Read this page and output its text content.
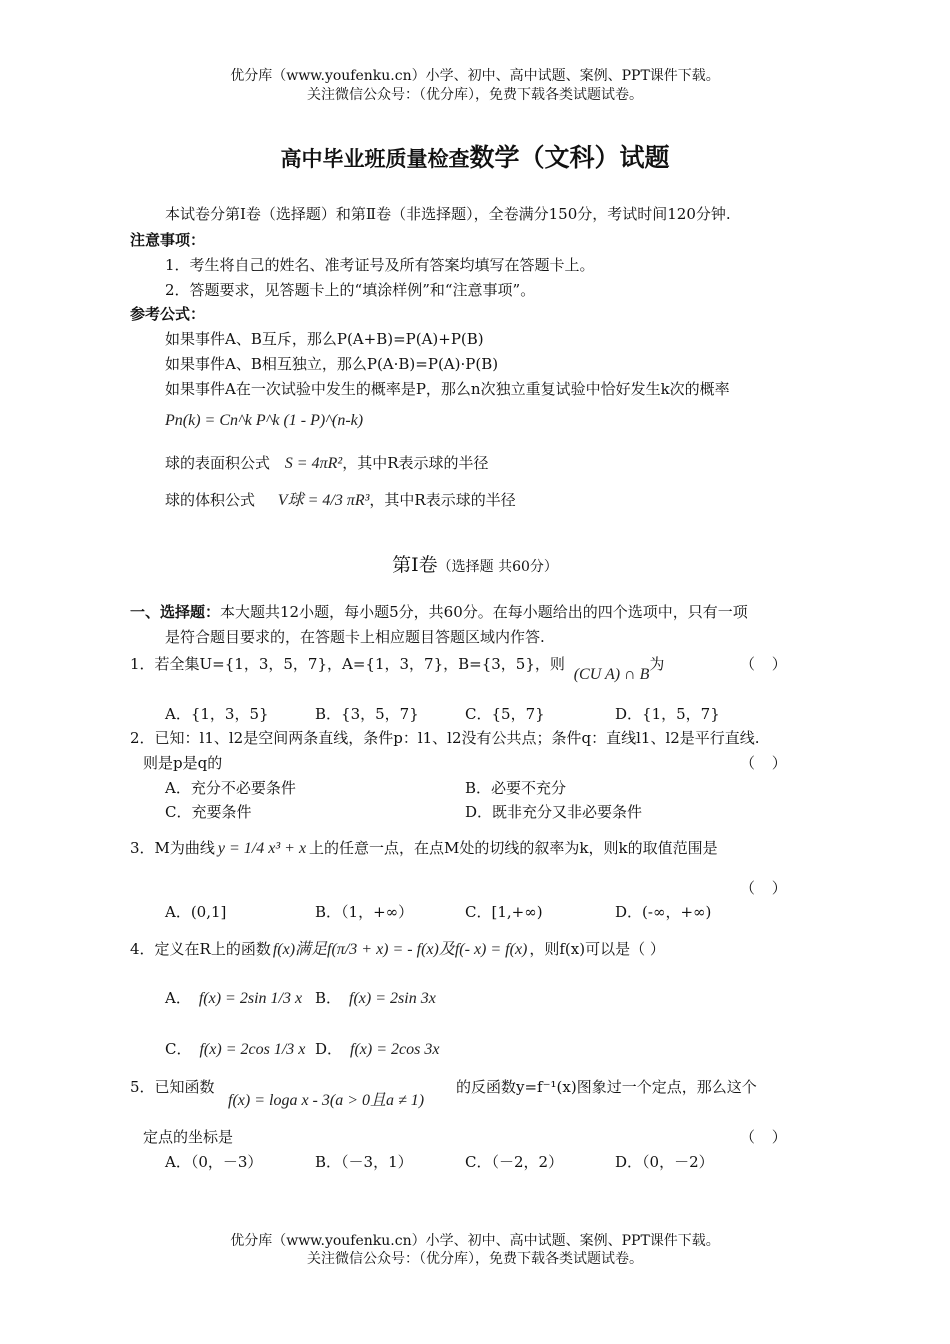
优分库（www.youfenku.cn）小学、初中、高中试题、案例、PPT课件下载。
关注微信公众号：（优分库），免费下载各类试题试卷。
高中毕业班质量检查数学（文科）试题
本试卷分第Ⅰ卷（选择题）和第Ⅱ卷（非选择题），全卷满分150分，考试时间120分钟.
注意事项：
1．考生将自己的姓名、准考证号及所有答案均填写在答题卡上。
2．答题要求，见答题卡上的“填涂样例”和“注意事项”。
参考公式：
如果事件A、B互斥，那么P(A+B)=P(A)+P(B)
如果事件A、B相互独立，那么P(A·B)=P(A)·P(B)
如果事件A在一次试验中发生的概率是P，那么n次独立重复试验中恰好发生k次的概率
Pn(k) = Cn^k P^k (1 - P)^(n-k)
球的表面积公式 S = 4πR²，其中R表示球的半径
球的体积公式 V球 = 4/3 πR³，其中R表示球的半径
第Ⅰ卷（选择题 共60分）
一、选择题：本大题共12小题，每小题5分，共60分。在每小题给出的四个选项中，只有一项
是符合题目要求的，在答题卡上相应题目答题区域内作答.
1．若全集U={1，3，5，7}，A={1，3，7}，B={3，5}，则 (CU A) ∩ B为	（ ）
A．{1，3，5}	B．{3，5，7}	C．{5，7}	D．{1，5，7}
2．已知：l1、l2是空间两条直线，条件p：l1、l2没有公共点；条件q：直线l1、l2是平行直线.
则是p是q的	（ ）
A．充分不必要条件	B．必要不充分
C．充要条件	D．既非充分又非必要条件
3．M为曲线 y = 1/4 x³ + x 上的任意一点，在点M处的切线的叙率为k，则k的取值范围是
（ ）
A．(0,1]	B．（1，+∞）	C．[1,+∞)	D．(-∞，+∞)
4．定义在R上的函数 f(x)满足f(π/3 + x) = - f(x)及f(- x) = f(x) ，则f(x)可以是（ ）
A． f(x) = 2sin 1/3 x B． f(x) = 2sin 3x
C． f(x) = 2cos 1/3 x D． f(x) = 2cos 3x
5．已知函数
f(x) = loga x - 3(a > 0且a ≠ 1)
的反函数y=f⁻¹(x)图象过一个定点，那么这个
定点的坐标是	（ ）
A．（0，－3）	B．（－3，1）	C．（－2，2）	D．（0，－2）
优分库（www.youfenku.cn）小学、初中、高中试题、案例、PPT课件下载。
关注微信公众号：（优分库），免费下载各类试题试卷。
